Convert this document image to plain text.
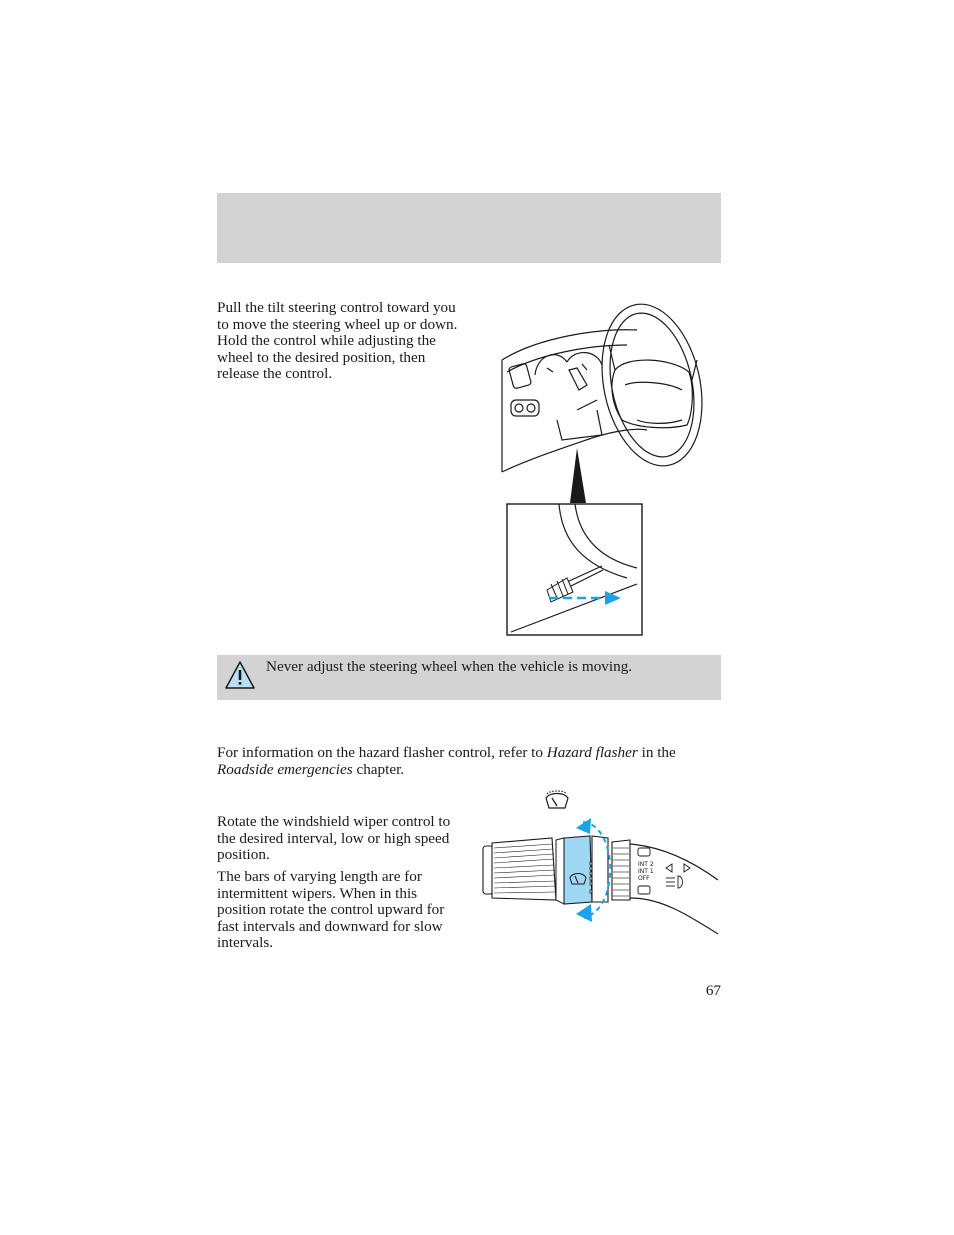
Pull the tilt steering control toward you to move the steering wheel up or down. Hold the control while adjusting the wheel to the desired position, then release the control.

Never adjust the steering wheel when the vehicle is moving.

For information on the hazard flasher control, refer to Hazard flasher in the Roadside emergencies chapter.

Rotate the windshield wiper control to the desired interval, low or high speed position.

The bars of varying length are for intermittent wipers. When in this position rotate the control upward for fast intervals and downward for slow intervals.

INT 2
INT 1
OFF
67
